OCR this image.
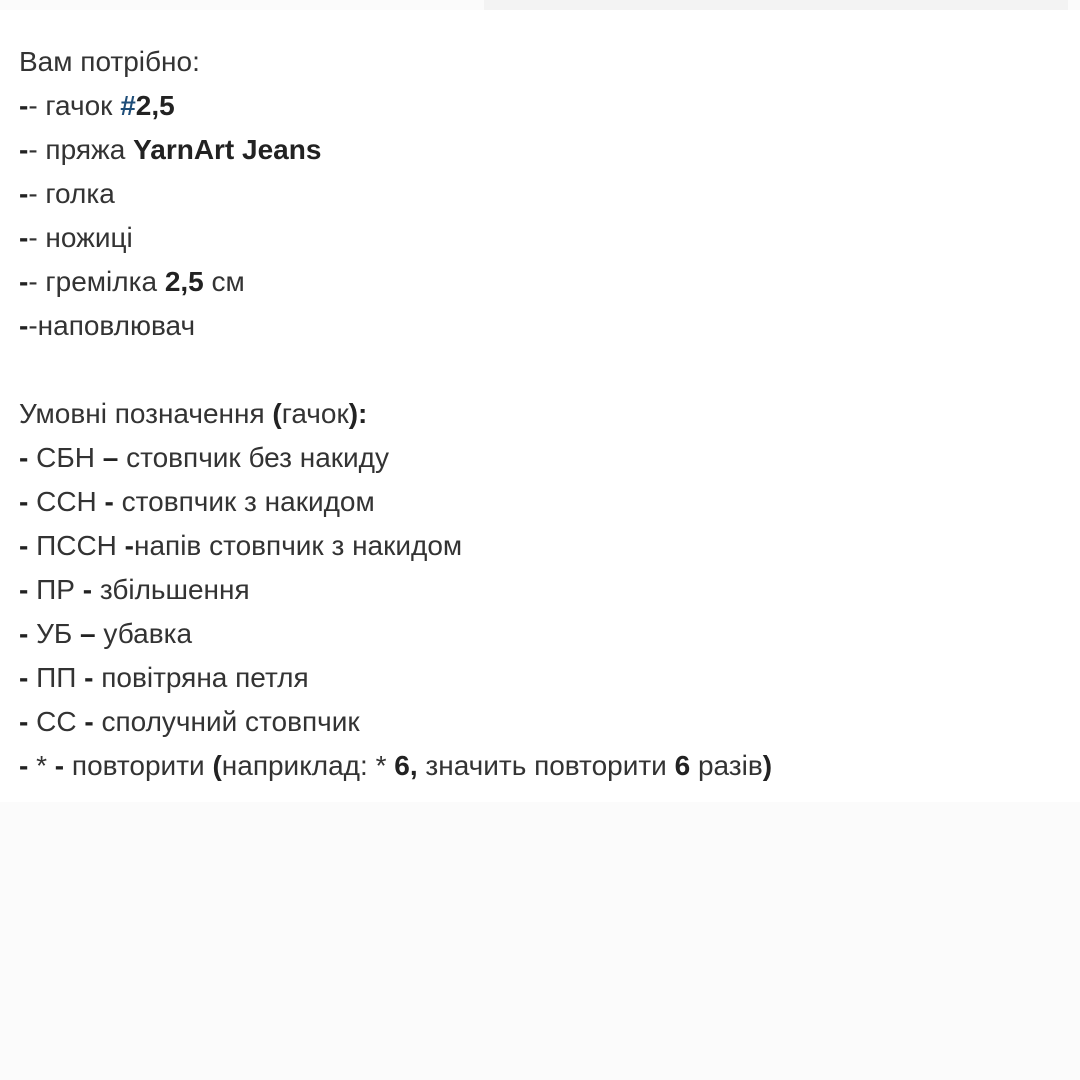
Вам потрібно:
-- гачок #2,5
-- пряжа YarnArt Jeans
-- голка
-- ножиці
-- гремілка 2,5 см
--наповлювач
Умовні позначення (гачок):
- СБН – стовпчик без накиду
- ССН - стовпчик з накидом
- ПССН -напів стовпчик з накидом
- ПР - збільшення
- УБ – убавка
- ПП - повітряна петля
- СС - сполучний стовпчик
- * - повторити (наприклад: * 6, значить повторити 6 разів)
